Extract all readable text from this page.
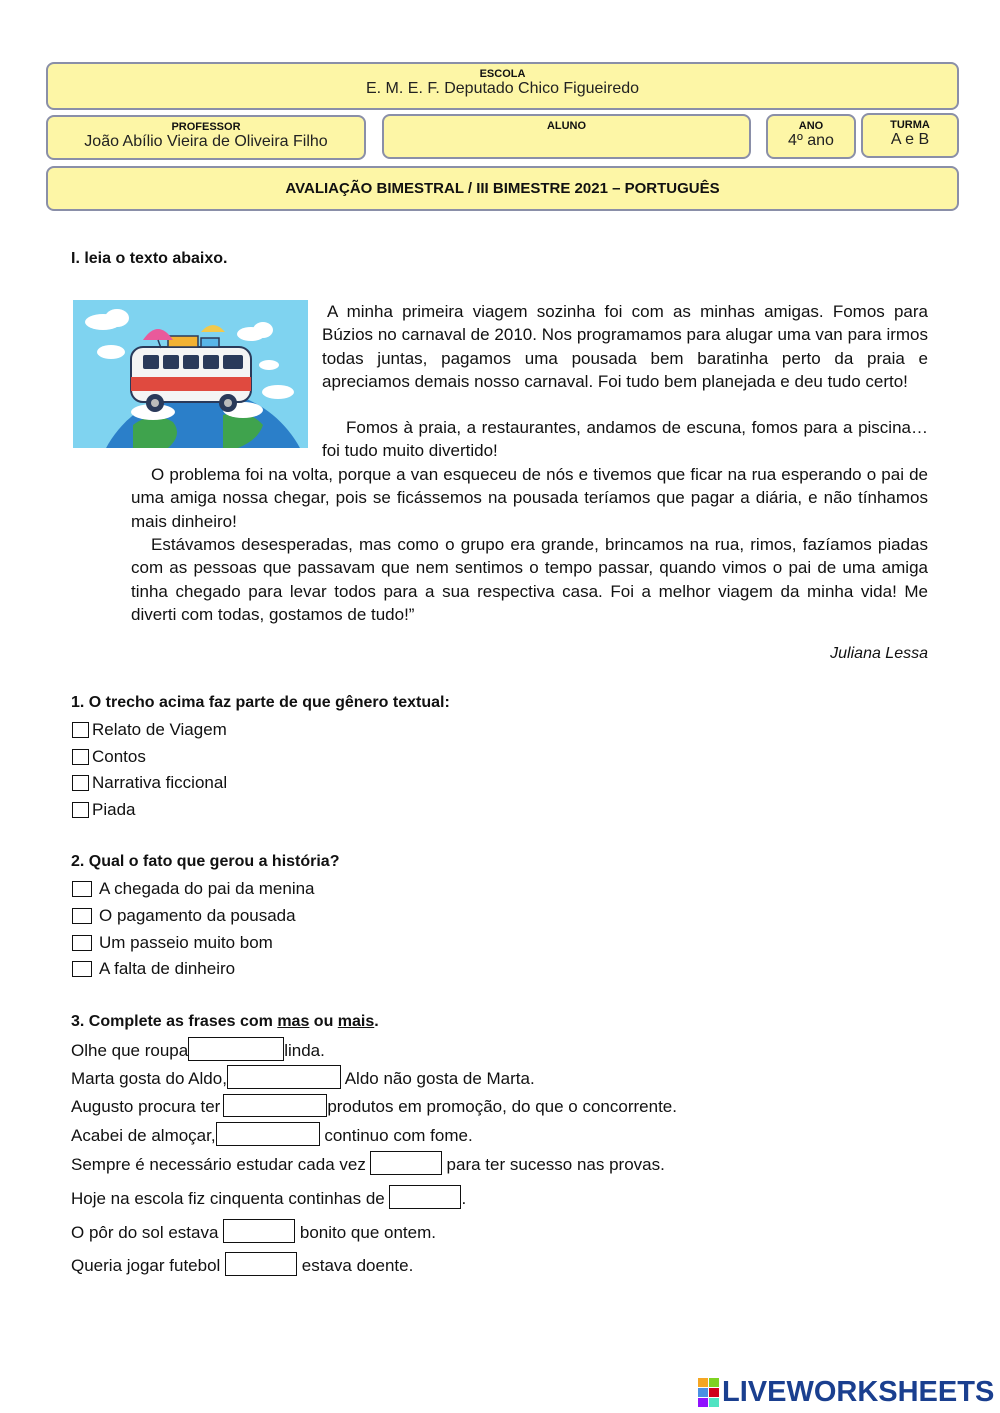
ESCOLA
E. M. E. F. Deputado Chico Figueiredo
PROFESSOR
João Abílio Vieira de Oliveira Filho
ALUNO	ANO
4º ano
TURMA
A e B
AVALIAÇÃO BIMESTRAL / III BIMESTRE 2021 – PORTUGUÊS
I. leia o texto abaixo.
A minha primeira viagem sozinha foi com as minhas amigas. Fomos para Búzios no carnaval de 2010. Nos programamos para alugar uma van para irmos todas juntas, pagamos uma pousada bem baratinha perto da praia e apreciamos demais nosso carnaval. Foi tudo bem planejada e deu tudo certo!
Fomos à praia, a restaurantes, andamos de escuna, fomos para a piscina… foi tudo muito divertido!
O problema foi na volta, porque a van esqueceu de nós e tivemos que ficar na rua esperando o pai de uma amiga nossa chegar, pois se ficássemos na pousada teríamos que pagar a diária, e não tínhamos mais dinheiro!
Estávamos desesperadas, mas como o grupo era grande, brincamos na rua, rimos, fazíamos piadas com as pessoas que passavam que nem sentimos o tempo passar, quando vimos o pai de uma amiga tinha chegado para levar todos para a sua respectiva casa. Foi a melhor viagem da minha vida! Me diverti com todas, gostamos de tudo!”
Juliana Lessa
1. O trecho acima faz parte de que gênero textual:
Relato de Viagem
Contos
Narrativa ficcional
Piada
2. Qual o fato que gerou a história?
A chegada do pai da menina
O pagamento da pousada
Um passeio muito bom
A falta de dinheiro
3. Complete as frases com mas ou mais.
Olhe que roupa	linda.
Marta gosta do Aldo,	Aldo não gosta de Marta.
Augusto procura ter	produtos em promoção, do que o concorrente.
Acabei de almoçar,	continuo com fome.
Sempre é necessário estudar cada vez	para ter sucesso nas provas.
Hoje na escola fiz cinquenta continhas de	.
O pôr do sol estava	bonito que ontem.
Queria jogar futebol	estava doente.
LIVEWORKSHEETS
